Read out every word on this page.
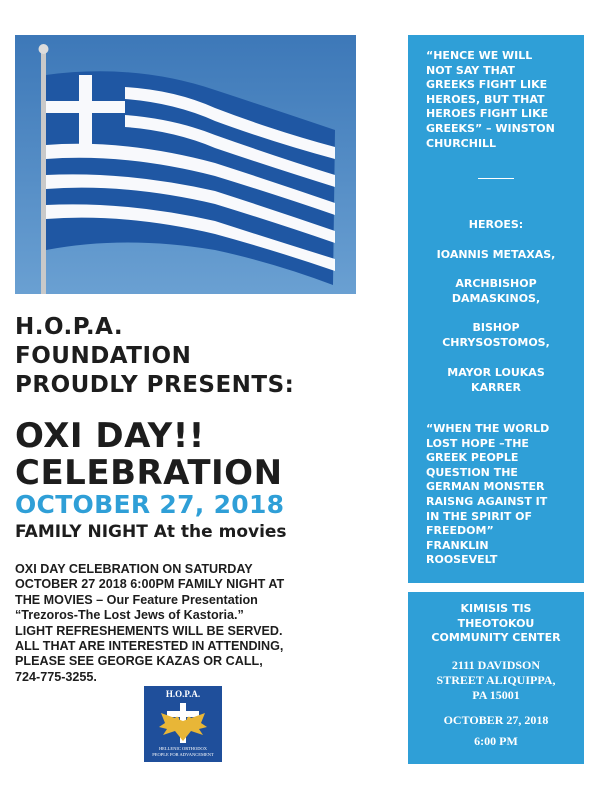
H.O.P.A.
FOUNDATION
PROUDLY PRESENTS:
OXI DAY!!
CELEBRATION
OCTOBER 27, 2018
FAMILY NIGHT At the movies
OXI DAY CELEBRATION ON SATURDAY
OCTOBER 27 2018 6:00PM FAMILY NIGHT AT
THE MOVIES – Our Feature Presentation
“Trezoros-The Lost Jews of Kastoria.”
LIGHT REFRESHEMENTS WILL BE SERVED.
ALL THAT ARE INTERESTED IN ATTENDING,
PLEASE SEE GEORGE KAZAS OR CALL,
724-775-3255.
H.O.P.A.
HELLENIC ORTHODOX
PEOPLE FOR ADVANCEMENT
“HENCE WE WILL
NOT SAY THAT
GREEKS FIGHT LIKE
HEROES, BUT THAT
HEROES FIGHT LIKE
GREEKS” – WINSTON
CHURCHILL
HEROES:
IOANNIS METAXAS,
ARCHBISHOP
DAMASKINOS,
BISHOP
CHRYSOSTOMOS,
MAYOR LOUKAS
KARRER
“WHEN THE WORLD
LOST HOPE –THE
GREEK PEOPLE
QUESTION THE
GERMAN MONSTER
RAISNG AGAINST IT
IN THE SPIRIT OF
FREEDOM”
FRANKLIN
ROOSEVELT
KIMISIS TIS
THEOTOKOU
COMMUNITY CENTER
2111 DAVIDSON
STREET ALIQUIPPA,
PA 15001
OCTOBER 27, 2018
6:00 PM
